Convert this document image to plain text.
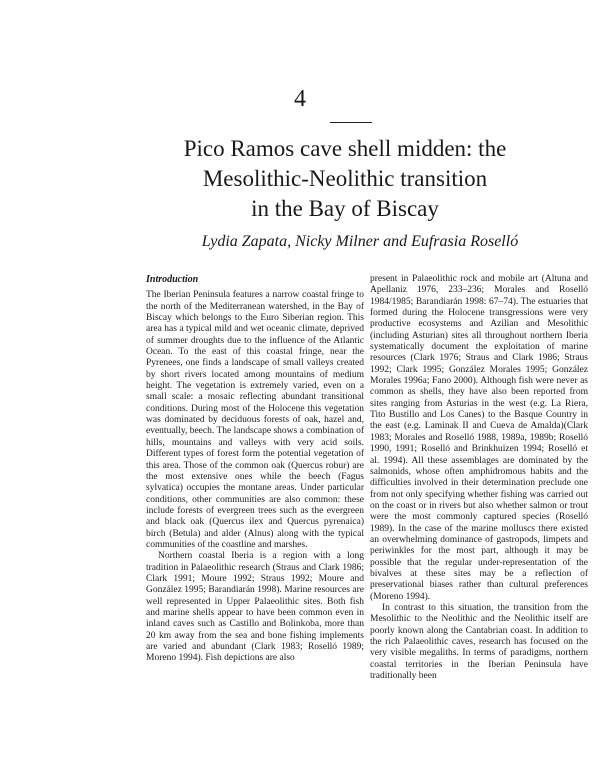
4
Pico Ramos cave shell midden: the
Mesolithic-Neolithic transition
in the Bay of Biscay
Lydia Zapata, Nicky Milner and Eufrasia Roselló

Introduction

The Iberian Peninsula features a narrow coastal fringe to the north of the Mediterranean watershed, in the Bay of Biscay which belongs to the Euro Siberian region. This area has a typical mild and wet oceanic climate, deprived of summer droughts due to the influence of the Atlantic Ocean. To the east of this coastal fringe, near the Pyrenees, one finds a landscape of small valleys created by short rivers located among mountains of medium height. The vegetation is extremely varied, even on a small scale: a mosaic reflecting abundant transitional conditions. During most of the Holocene this vegetation was dominated by deciduous forests of oak, hazel and, eventually, beech. The landscape shows a combination of hills, mountains and valleys with very acid soils. Different types of forest form the potential vegetation of this area. Those of the common oak (Quercus robur) are the most extensive ones while the beech (Fagus sylvatica) occupies the montane areas. Under particular conditions, other communities are also common: these include forests of evergreen trees such as the evergreen and black oak (Quercus ilex and Quercus pyrenaica) birch (Betula) and alder (Alnus) along with the typical communities of the coastline and marshes.

Northern coastal Iberia is a region with a long tradition in Palaeolithic research (Straus and Clark 1986; Clark 1991; Moure 1992; Straus 1992; Moure and González 1995; Barandiarán 1998). Marine resources are well represented in Upper Palaeolithic sites. Both fish and marine shells appear to have been common even in inland caves such as Castillo and Bolinkoba, more than 20 km away from the sea and bone fishing implements are varied and abundant (Clark 1983; Roselló 1989; Moreno 1994). Fish depictions are also

present in Palaeolithic rock and mobile art (Altuna and Apellaniz 1976, 233–236; Morales and Roselló 1984/1985; Barandiarán 1998: 67–74). The estuaries that formed during the Holocene transgressions were very productive ecosystems and Azilian and Mesolithic (including Asturian) sites all throughout northern Iberia systematically document the exploitation of marine resources (Clark 1976; Straus and Clark 1986; Straus 1992; Clark 1995; González Morales 1995; González Morales 1996a; Fano 2000). Although fish were never as common as shells, they have also been reported from sites ranging from Asturias in the west (e.g. La Riera, Tito Bustillo and Los Canes) to the Basque Country in the east (e.g. Laminak II and Cueva de Amalda)(Clark 1983; Morales and Roselló 1988, 1989a, 1989b; Roselló 1990, 1991; Roselló and Brinkhuizen 1994; Roselló et al. 1994). All these assemblages are dominated by the salmonids, whose often amphidromous habits and the difficulties involved in their determination preclude one from not only specifying whether fishing was carried out on the coast or in rivers but also whether salmon or trout were the most commonly captured species (Roselló 1989). In the case of the marine molluscs there existed an overwhelming dominance of gastropods, limpets and periwinkles for the most part, although it may be possible that the regular under-representation of the bivalves at these sites may be a reflection of preservational biases rather than cultural preferences (Moreno 1994).

In contrast to this situation, the transition from the Mesolithic to the Neolithic and the Neolithic itself are poorly known along the Cantabrian coast. In addition to the rich Palaeolithic caves, research has focused on the very visible megaliths. In terms of paradigms, northern coastal territories in the Iberian Peninsula have traditionally been
